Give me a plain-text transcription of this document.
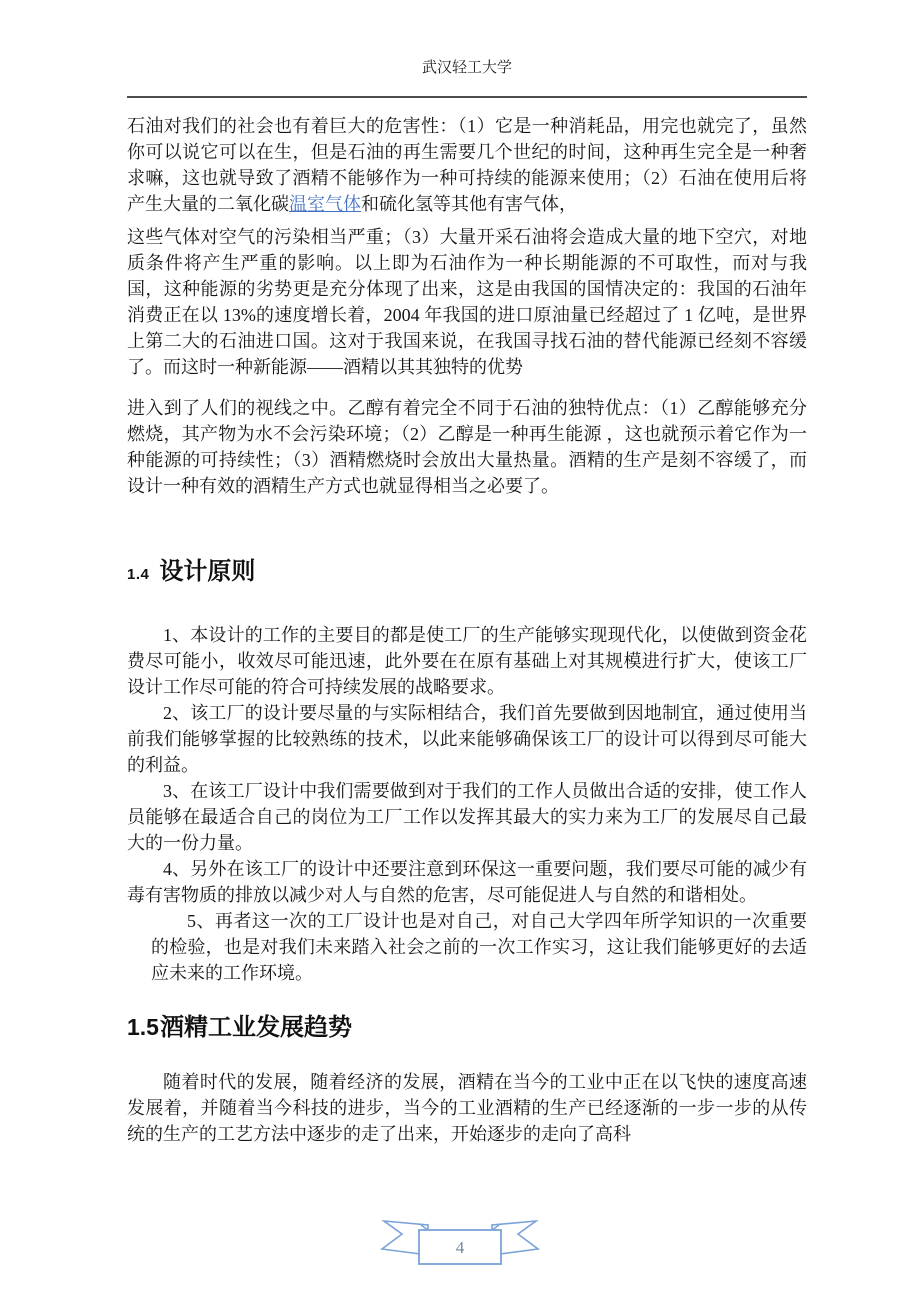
武汉轻工大学

石油对我们的社会也有着巨大的危害性：（1）它是一种消耗品，用完也就完了，虽然你可以说它可以在生，但是石油的再生需要几个世纪的时间，这种再生完全是一种奢求嘛，这也就导致了酒精不能够作为一种可持续的能源来使用；（2）石油在使用后将产生大量的二氧化碳温室气体和硫化氢等其他有害气体，

这些气体对空气的污染相当严重；（3）大量开采石油将会造成大量的地下空穴，对地质条件将产生严重的影响。以上即为石油作为一种长期能源的不可取性，而对与我国，这种能源的劣势更是充分体现了出来，这是由我国的国情决定的：我国的石油年消费正在以 13%的速度增长着，2004 年我国的进口原油量已经超过了 1 亿吨，是世界上第二大的石油进口国。这对于我国来说，在我国寻找石油的替代能源已经刻不容缓了。而这时一种新能源——酒精以其其独特的优势

进入到了人们的视线之中。乙醇有着完全不同于石油的独特优点：（1）乙醇能够充分燃烧，其产物为水不会污染环境；（2）乙醇是一种再生能源 ，这也就预示着它作为一种能源的可持续性；（3）酒精燃烧时会放出大量热量。酒精的生产是刻不容缓了，而设计一种有效的酒精生产方式也就显得相当之必要了。

1.4 设计原则

1、本设计的工作的主要目的都是使工厂的生产能够实现现代化，以使做到资金花费尽可能小，收效尽可能迅速，此外要在在原有基础上对其规模进行扩大，使该工厂设计工作尽可能的符合可持续发展的战略要求。

2、该工厂的设计要尽量的与实际相结合，我们首先要做到因地制宜，通过使用当前我们能够掌握的比较熟练的技术，以此来能够确保该工厂的设计可以得到尽可能大的利益。

3、在该工厂设计中我们需要做到对于我们的工作人员做出合适的安排，使工作人员能够在最适合自己的岗位为工厂工作以发挥其最大的实力来为工厂的发展尽自己最大的一份力量。

4、另外在该工厂的设计中还要注意到环保这一重要问题，我们要尽可能的减少有毒有害物质的排放以减少对人与自然的危害，尽可能促进人与自然的和谐相处。

5、再者这一次的工厂设计也是对自己，对自己大学四年所学知识的一次重要的检验，也是对我们未来踏入社会之前的一次工作实习，这让我们能够更好的去适应未来的工作环境。

1.5酒精工业发展趋势

随着时代的发展，随着经济的发展，酒精在当今的工业中正在以飞快的速度高速发展着，并随着当今科技的进步，当今的工业酒精的生产已经逐渐的一步一步的从传统的生产的工艺方法中逐步的走了出来，开始逐步的走向了高科

4
